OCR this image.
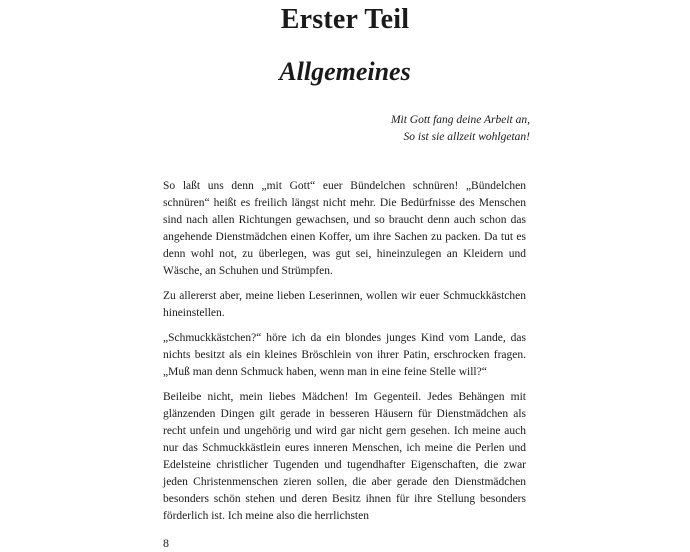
Erster Teil
Allgemeines
Mit Gott fang deine Arbeit an,
So ist sie allzeit wohlgetan!

So laßt uns denn „mit Gott“ euer Bündelchen schnüren! „Bündelchen schnüren“ heißt es freilich längst nicht mehr. Die Bedürfnisse des Menschen sind nach allen Richtungen gewachsen, und so braucht denn auch schon das angehende Dienstmädchen einen Koffer, um ihre Sachen zu packen. Da tut es denn wohl not, zu überlegen, was gut sei, hineinzulegen an Kleidern und Wäsche, an Schuhen und Strümpfen.

Zu allererst aber, meine lieben Leserinnen, wollen wir euer Schmuckkästchen hineinstellen.

„Schmuckkästchen?“ höre ich da ein blondes junges Kind vom Lande, das nichts besitzt als ein kleines Bröschlein von ihrer Patin, erschrocken fragen. „Muß man denn Schmuck haben, wenn man in eine feine Stelle will?“

Beileibe nicht, mein liebes Mädchen! Im Gegenteil. Jedes Behängen mit glänzenden Dingen gilt gerade in besseren Häusern für Dienstmädchen als recht unfein und ungehörig und wird gar nicht gern gesehen. Ich meine auch nur das Schmuckkästlein eures inneren Menschen, ich meine die Perlen und Edelsteine christlicher Tugenden und tugendhafter Eigenschaften, die zwar jeden Christenmenschen zieren sollen, die aber gerade den Dienstmädchen besonders schön stehen und deren Besitz ihnen für ihre Stellung besonders förderlich ist. Ich meine also die herrlichsten

8
